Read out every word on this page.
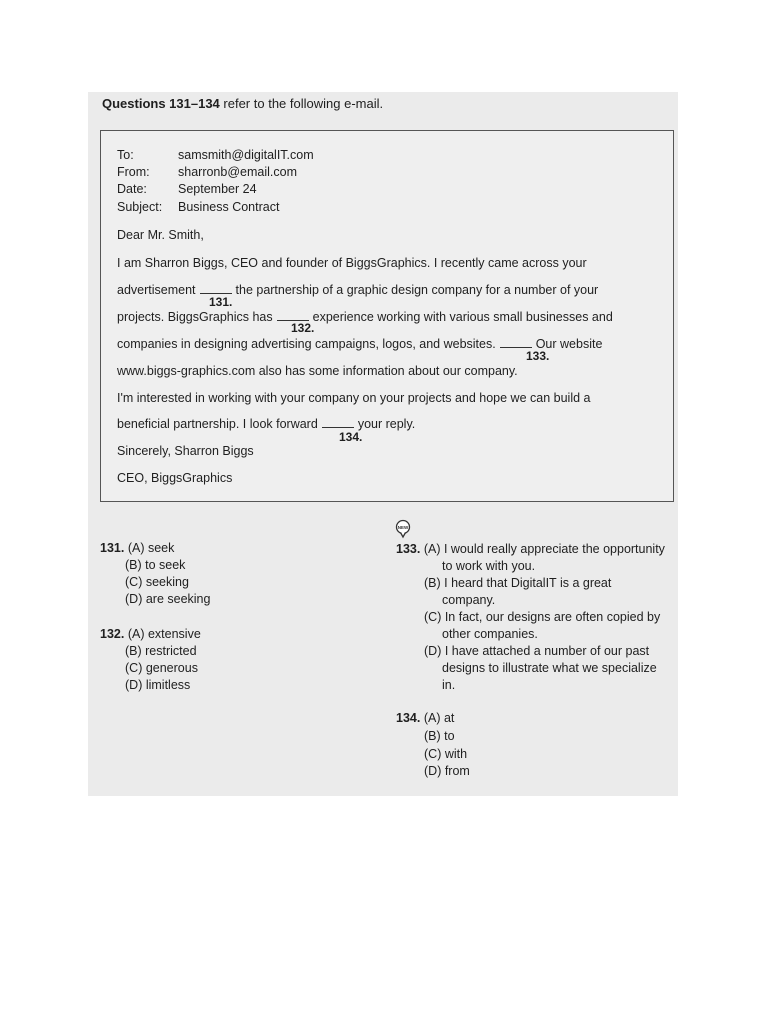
Questions 131–134 refer to the following e-mail.
To:	samsmith@digitalIT.com
From: sharronb@email.com
Date: September 24
Subject: Business Contract
Dear Mr. Smith,
I am Sharron Biggs, CEO and founder of BiggsGraphics. I recently came across your
advertisement	the partnership of a graphic design company for a number of your
131.
projects. BiggsGraphics has	experience working with various small businesses and
132.
companies in designing advertising campaigns, logos, and websites.	Our website
133.
www.biggs-graphics.com also has some information about our company.
I'm interested in working with your company on your projects and hope we can build a
beneficial partnership. I look forward	your reply.
134.
Sincerely, Sharron Biggs
CEO, BiggsGraphics
NEW
131. (A) seek
(B) to seek
(C) seeking
(D) are seeking
132. (A) extensive
(B) restricted
(C) generous
(D) limitless
133. (A) I would really appreciate the opportunity
to work with you.
(B) I heard that DigitalIT is a great
company.
(C) In fact, our designs are often copied by
other companies.
(D) I have attached a number of our past
designs to illustrate what we specialize
in.
134. (A) at
(B) to
(C) with
(D) from
